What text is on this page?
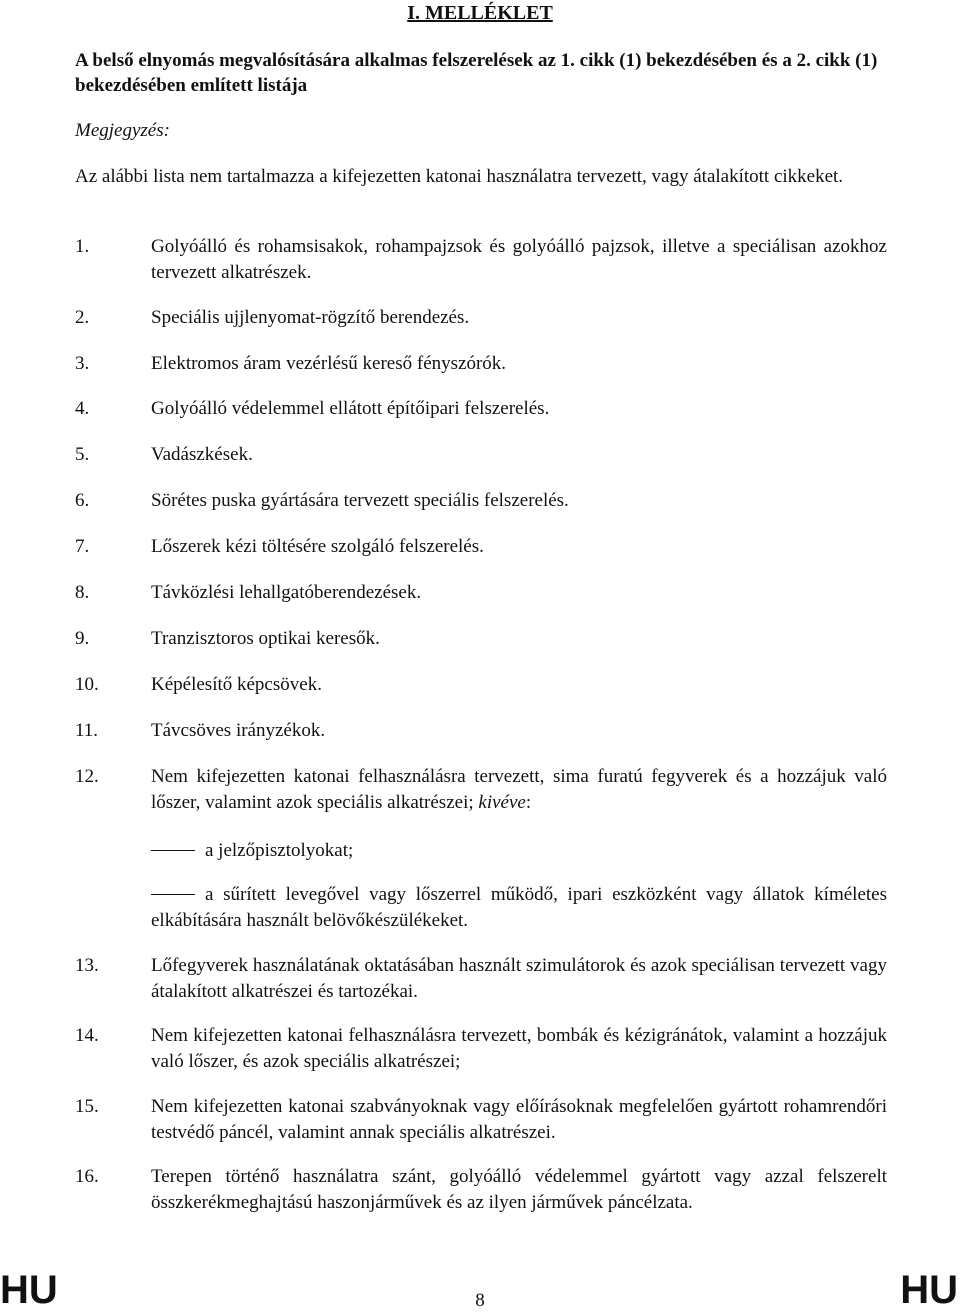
I. MELLÉKLET
A belső elnyomás megvalósítására alkalmas felszerelések az 1. cikk (1) bekezdésében és a 2. cikk (1) bekezdésében említett listája
Megjegyzés:
Az alábbi lista nem tartalmazza a kifejezetten katonai használatra tervezett, vagy átalakított cikkeket.
1.	Golyóálló és rohamsisakok, rohampajzsok és golyóálló pajzsok, illetve a speciálisan azokhoz tervezett alkatrészek.
2.	Speciális ujjlenyomat-rögzítő berendezés.
3.	Elektromos áram vezérlésű kereső fényszórók.
4.	Golyóálló védelemmel ellátott építőipari felszerelés.
5.	Vadászkések.
6.	Sörétes puska gyártására tervezett speciális felszerelés.
7.	Lőszerek kézi töltésére szolgáló felszerelés.
8.	Távközlési lehallgatóberendezések.
9.	Tranzisztoros optikai keresők.
10.	Képélesítő képcsövek.
11.	Távcsöves irányzékok.
12.	Nem kifejezetten katonai felhasználásra tervezett, sima furatú fegyverek és a hozzájuk való lőszer, valamint azok speciális alkatrészei; kivéve:
a jelzőpisztolyokat;
a sűrített levegővel vagy lőszerrel működő, ipari eszközként vagy állatok kíméletes elkábítására használt belövőkészülékeket.
13.	Lőfegyverek használatának oktatásában használt szimulátorok és azok speciálisan tervezett vagy átalakított alkatrészei és tartozékai.
14.	Nem kifejezetten katonai felhasználásra tervezett, bombák és kézigránátok, valamint a hozzájuk való lőszer, és azok speciális alkatrészei;
15.	Nem kifejezetten katonai szabványoknak vagy előírásoknak megfelelően gyártott rohamrendőri testvédő páncél, valamint annak speciális alkatrészei.
16.	Terepen történő használatra szánt, golyóálló védelemmel gyártott vagy azzal felszerelt összkerékmeghajtású haszonjárművek és az ilyen járművek páncélzata.
HU	8	HU
